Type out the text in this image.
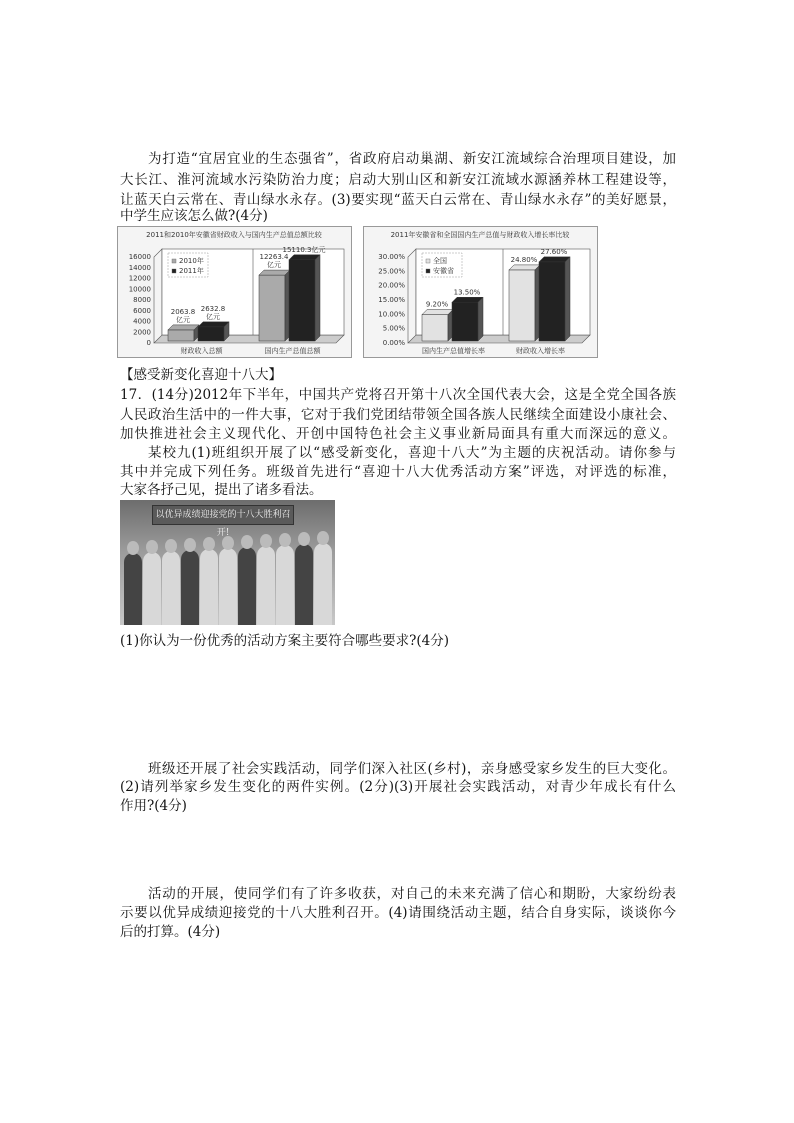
为打造“宜居宜业的生态强省”，省政府启动巢湖、新安江流域综合治理项目建设，加
大长江、淮河流域水污染防治力度；启动大别山区和新安江流域水源涵养林工程建设等，
让蓝天白云常在、青山绿水永存。(3)要实现“蓝天白云常在、青山绿水永存”的美好愿景，
中学生应该怎么做?(4分)
2011和2010年安徽省财政收入与国内生产总值总额比较
0
2000
4000
6000
8000
10000
12000
14000
16000
财政收入总额
2063.8
亿元
2632.8
亿元
国内生产总值总额
12263.4
亿元
15110.3亿元
2010年
2011年
2011年安徽省和全国国内生产总值与财政收入增长率比较
0.00%
5.00%
10.00%
15.00%
20.00%
25.00%
30.00%
国内生产总值增长率
9.20%
13.50%
财政收入增长率
24.80%
27.60%
全国
安徽省
【感受新变化喜迎十八大】
17．(14分)2012年下半年，中国共产党将召开第十八次全国代表大会，这是全党全国各族
人民政治生活中的一件大事，它对于我们党团结带领全国各族人民继续全面建设小康社会、
加快推进社会主义现代化、开创中国特色社会主义事业新局面具有重大而深远的意义。
某校九(1)班组织开展了以“感受新变化，喜迎十八大”为主题的庆祝活动。请你参与
其中并完成下列任务。班级首先进行“喜迎十八大优秀活动方案”评选，对评选的标准，
大家各抒己见，提出了诸多看法。
以优异成绩迎接党的十八大胜利召开!
(1)你认为一份优秀的活动方案主要符合哪些要求?(4分)
班级还开展了社会实践活动，同学们深入社区(乡村)，亲身感受家乡发生的巨大变化。
(2)请列举家乡发生变化的两件实例。(2分)(3)开展社会实践活动，对青少年成长有什么
作用?(4分)
活动的开展，使同学们有了许多收获，对自己的未来充满了信心和期盼，大家纷纷表
示要以优异成绩迎接党的十八大胜利召开。(4)请围绕活动主题，结合自身实际，谈谈你今
后的打算。(4分)
